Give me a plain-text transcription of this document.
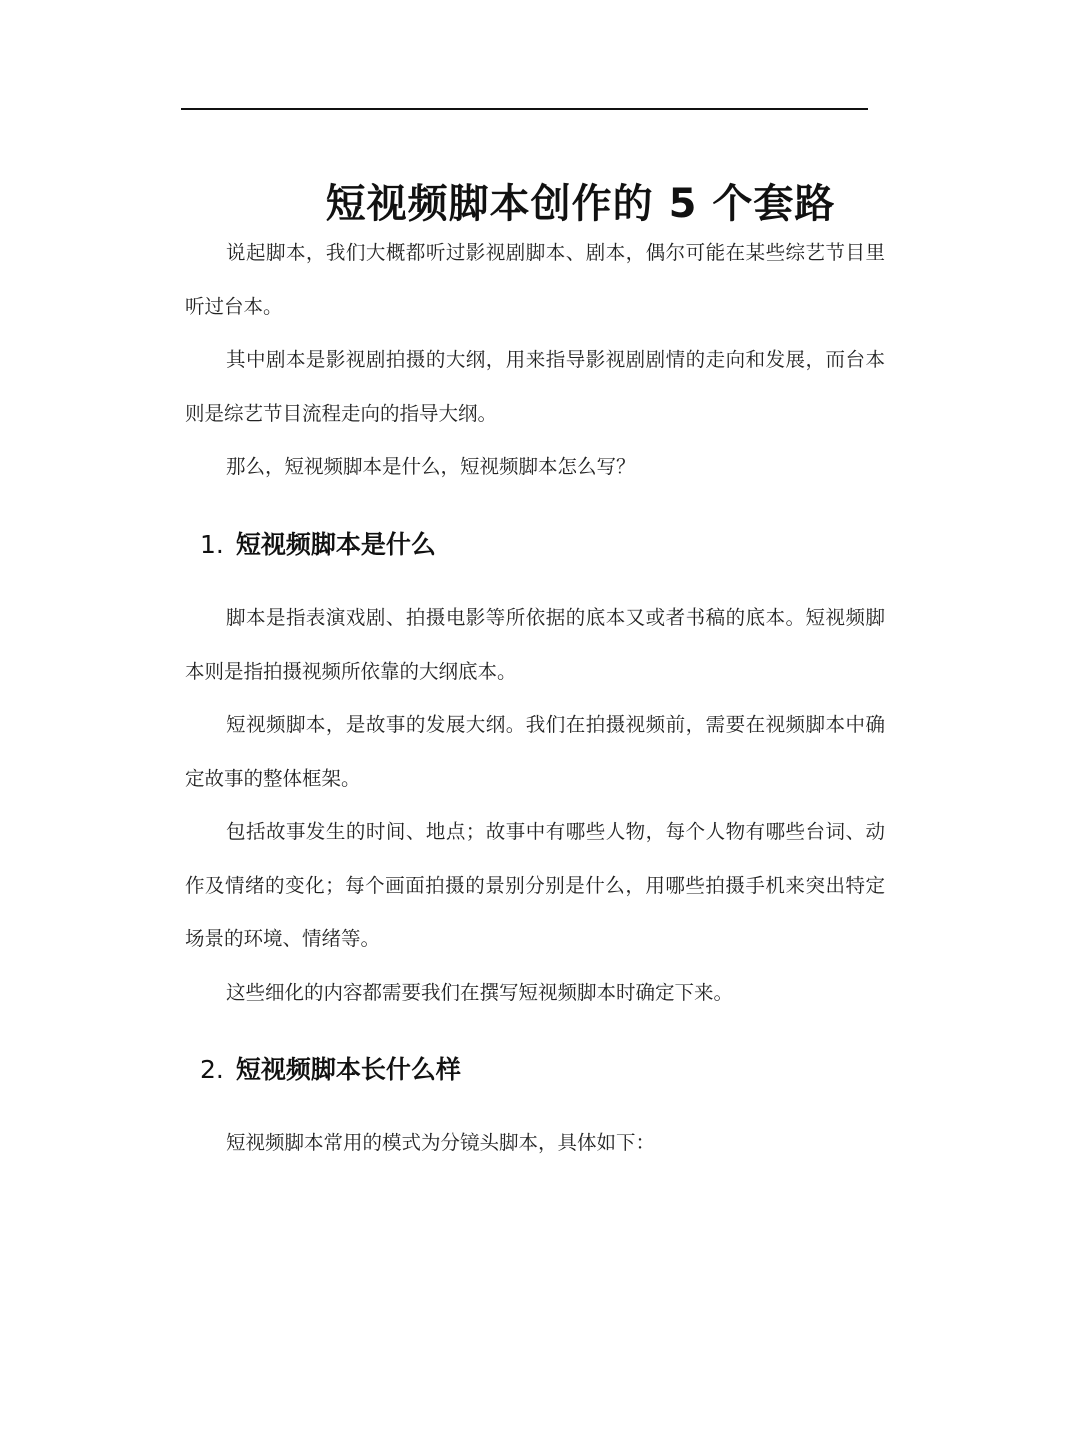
短视频脚本创作的 5 个套路

说起脚本，我们大概都听过影视剧脚本、剧本，偶尔可能在某些综艺节目里听过台本。

其中剧本是影视剧拍摄的大纲，用来指导影视剧剧情的走向和发展，而台本则是综艺节目流程走向的指导大纲。

那么，短视频脚本是什么，短视频脚本怎么写？

1. 短视频脚本是什么

脚本是指表演戏剧、拍摄电影等所依据的底本又或者书稿的底本。短视频脚本则是指拍摄视频所依靠的大纲底本。

短视频脚本，是故事的发展大纲。我们在拍摄视频前，需要在视频脚本中确定故事的整体框架。

包括故事发生的时间、地点；故事中有哪些人物，每个人物有哪些台词、动作及情绪的变化；每个画面拍摄的景别分别是什么，用哪些拍摄手机来突出特定场景的环境、情绪等。

这些细化的内容都需要我们在撰写短视频脚本时确定下来。

2. 短视频脚本长什么样

短视频脚本常用的模式为分镜头脚本，具体如下：
